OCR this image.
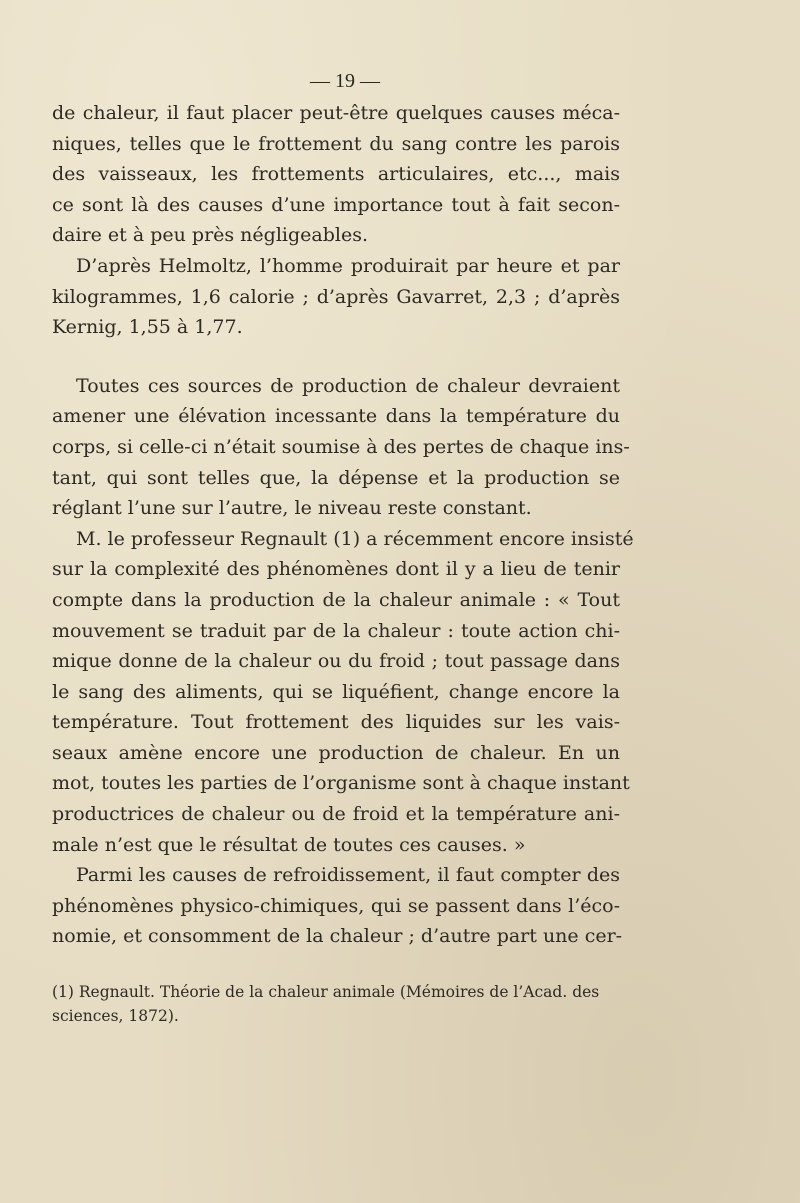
— 19 —

de chaleur, il faut placer peut-être quelques causes méca-
niques, telles que le frottement du sang contre les parois
des vaisseaux, les frottements articulaires, etc..., mais
ce sont là des causes d’une importance tout à fait secon-
daire et à peu près négligeables.

D’après Helmoltz, l’homme produirait par heure et par
kilogrammes, 1,6 calorie ; d’après Gavarret, 2,3 ; d’après
Kernig, 1,55 à 1,77.

Toutes ces sources de production de chaleur devraient
amener une élévation incessante dans la température du
corps, si celle-ci n’était soumise à des pertes de chaque ins-
tant, qui sont telles que, la dépense et la production se
réglant l’une sur l’autre, le niveau reste constant.

M. le professeur Regnault (1) a récemment encore insisté
sur la complexité des phénomènes dont il y a lieu de tenir
compte dans la production de la chaleur animale : « Tout
mouvement se traduit par de la chaleur : toute action chi-
mique donne de la chaleur ou du froid ; tout passage dans
le sang des aliments, qui se liquéfient, change encore la
température. Tout frottement des liquides sur les vais-
seaux amène encore une production de chaleur. En un
mot, toutes les parties de l’organisme sont à chaque instant
productrices de chaleur ou de froid et la température ani-
male n’est que le résultat de toutes ces causes. »

Parmi les causes de refroidissement, il faut compter des
phénomènes physico-chimiques, qui se passent dans l’éco-
nomie, et consomment de la chaleur ; d’autre part une cer-

(1) Regnault. Théorie de la chaleur animale (Mémoires de l’Acad. des
sciences, 1872).
